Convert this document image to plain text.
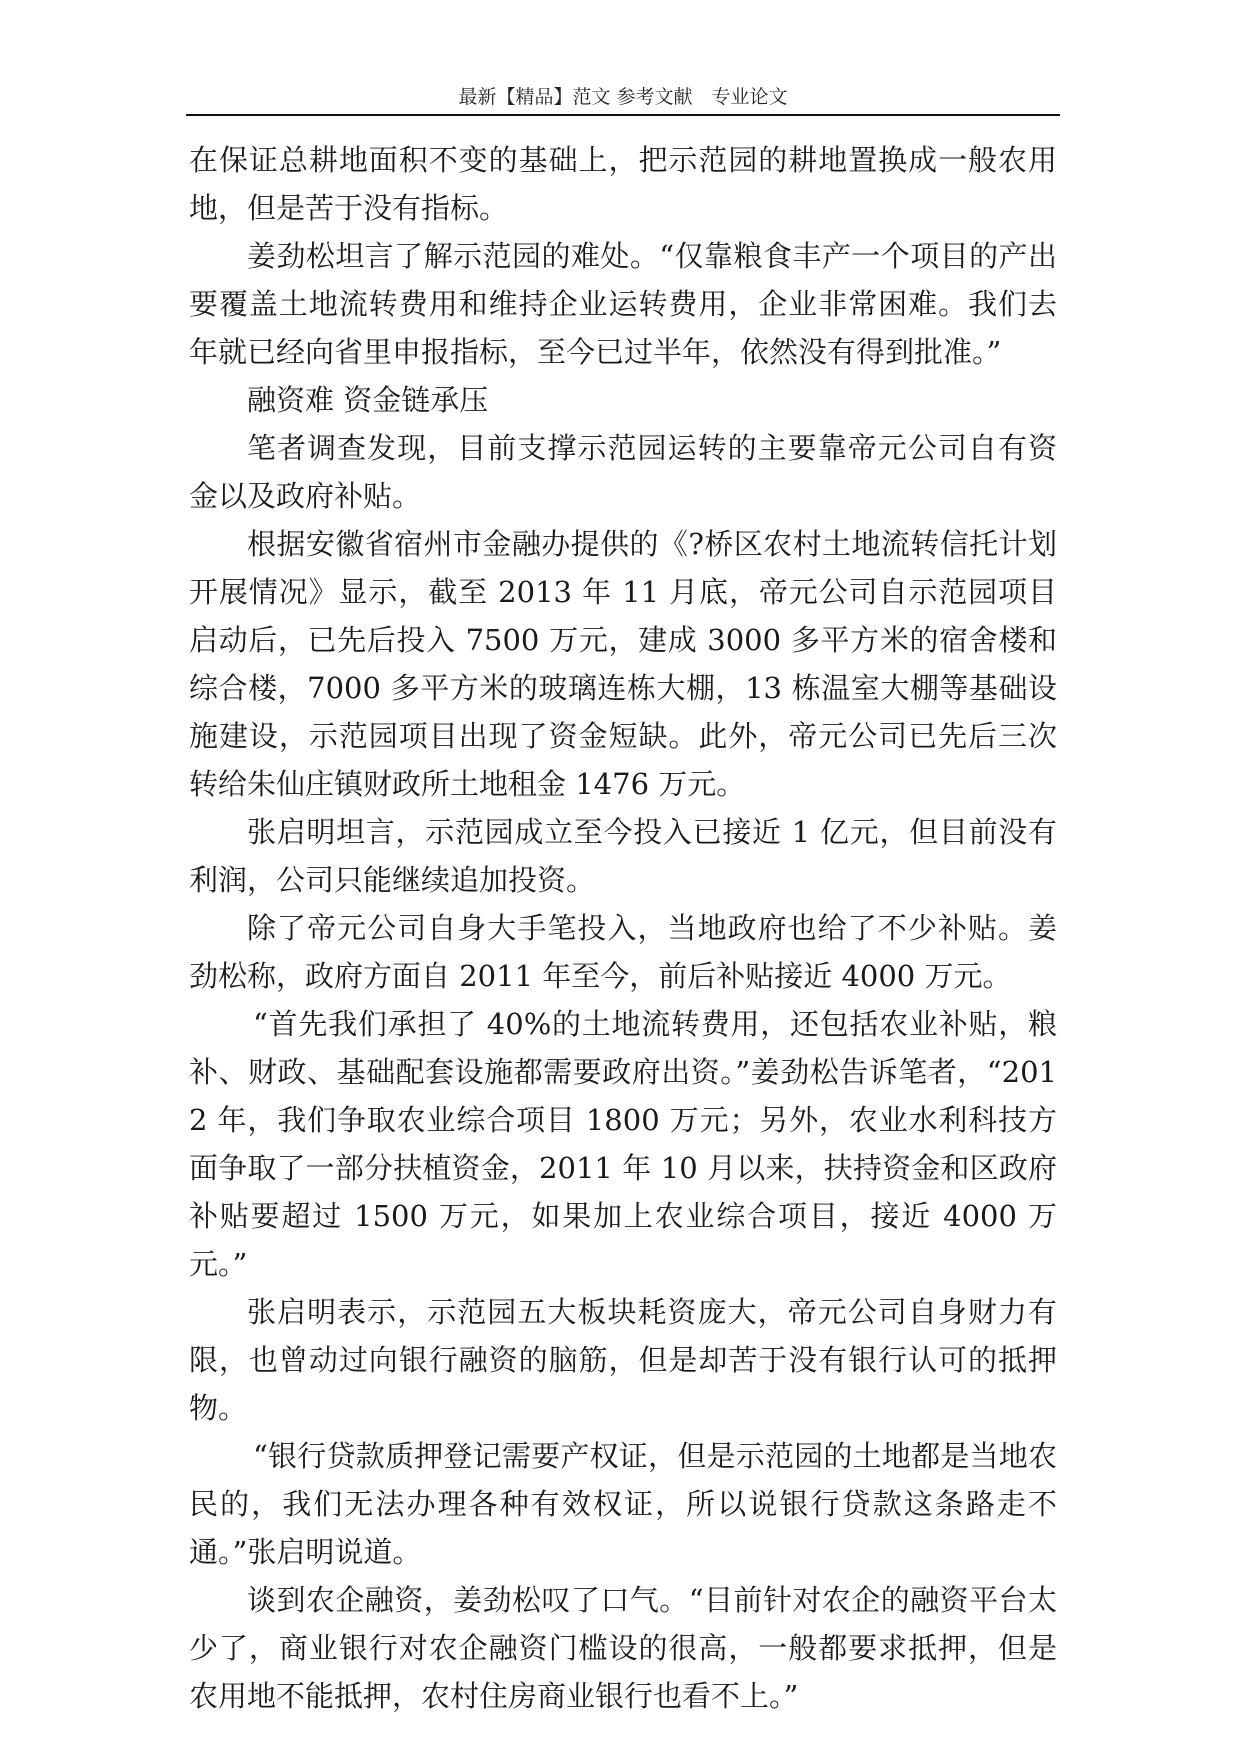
最新【精品】范文 参考文献　专业论文

在保证总耕地面积不变的基础上，把示范园的耕地置换成一般农用地，但是苦于没有指标。

姜劲松坦言了解示范园的难处。“仅靠粮食丰产一个项目的产出要覆盖土地流转费用和维持企业运转费用，企业非常困难。我们去年就已经向省里申报指标，至今已过半年，依然没有得到批准。”

融资难 资金链承压

笔者调查发现，目前支撑示范园运转的主要靠帝元公司自有资金以及政府补贴。

根据安徽省宿州市金融办提供的《?桥区农村土地流转信托计划开展情况》显示，截至 2013 年 11 月底，帝元公司自示范园项目启动后，已先后投入 7500 万元，建成 3000 多平方米的宿舍楼和综合楼，7000 多平方米的玻璃连栋大棚，13 栋温室大棚等基础设施建设，示范园项目出现了资金短缺。此外，帝元公司已先后三次转给朱仙庄镇财政所土地租金 1476 万元。

张启明坦言，示范园成立至今投入已接近 1 亿元，但目前没有利润，公司只能继续追加投资。

除了帝元公司自身大手笔投入，当地政府也给了不少补贴。姜劲松称，政府方面自 2011 年至今，前后补贴接近 4000 万元。

“首先我们承担了 40%的土地流转费用，还包括农业补贴，粮补、财政、基础配套设施都需要政府出资。”姜劲松告诉笔者，“2012 年，我们争取农业综合项目 1800 万元；另外，农业水利科技方面争取了一部分扶植资金，2011 年 10 月以来，扶持资金和区政府补贴要超过 1500 万元，如果加上农业综合项目，接近 4000 万元。”

张启明表示，示范园五大板块耗资庞大，帝元公司自身财力有限，也曾动过向银行融资的脑筋，但是却苦于没有银行认可的抵押物。

“银行贷款质押登记需要产权证，但是示范园的土地都是当地农民的，我们无法办理各种有效权证，所以说银行贷款这条路走不通。”张启明说道。

谈到农企融资，姜劲松叹了口气。“目前针对农企的融资平台太少了，商业银行对农企融资门槛设的很高，一般都要求抵押，但是农用地不能抵押，农村住房商业银行也看不上。”
